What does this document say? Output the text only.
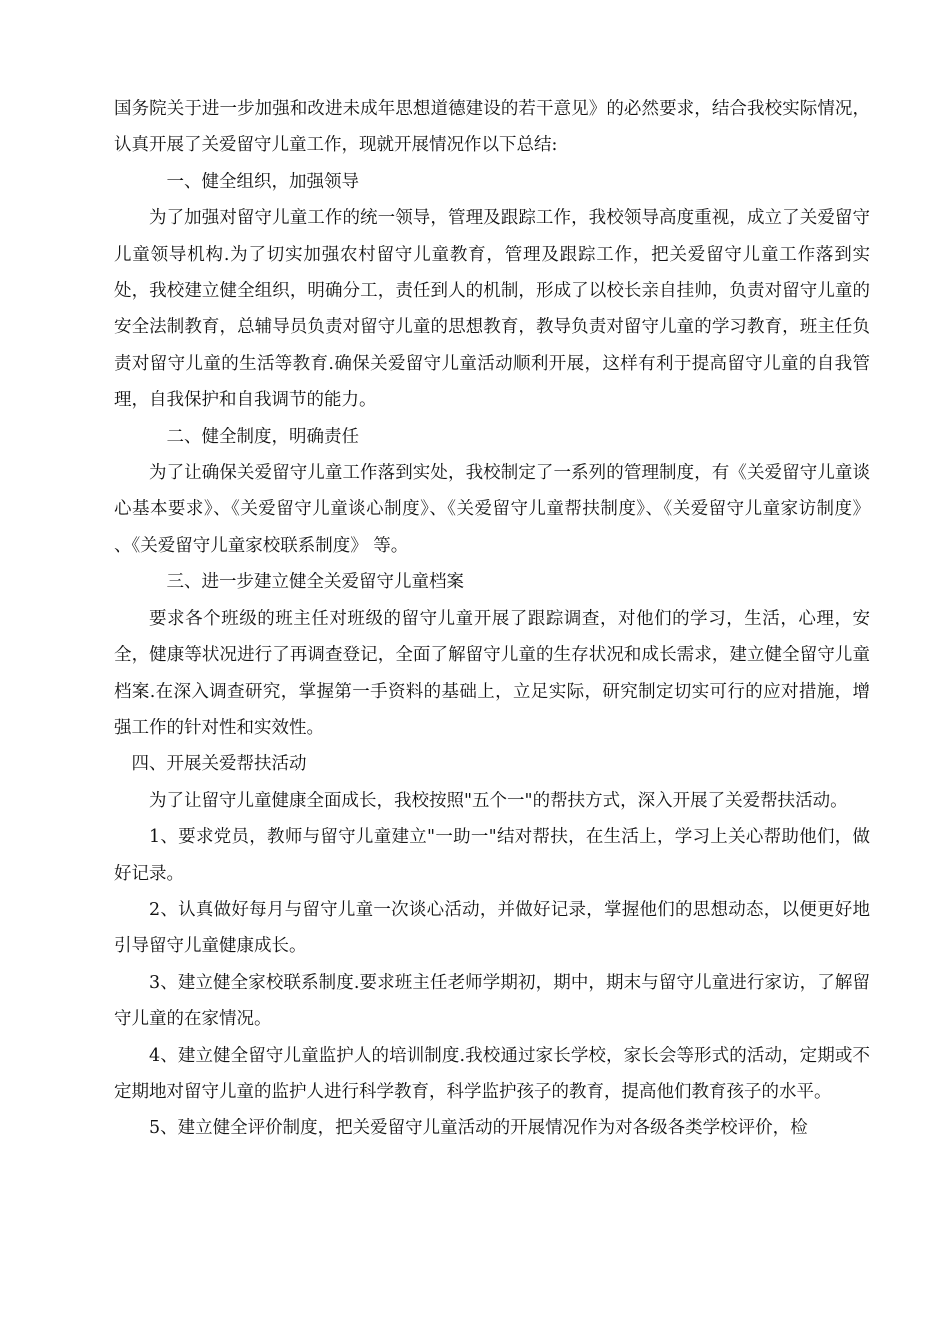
国务院关于进一步加强和改进未成年思想道德建设的若干意见》的必然要求，结合我校实际情况，认真开展了关爱留守儿童工作，现就开展情况作以下总结:

一、健全组织，加强领导

为了加强对留守儿童工作的统一领导，管理及跟踪工作，我校领导高度重视，成立了关爱留守儿童领导机构.为了切实加强农村留守儿童教育，管理及跟踪工作，把关爱留守儿童工作落到实处，我校建立健全组织，明确分工，责任到人的机制，形成了以校长亲自挂帅，负责对留守儿童的安全法制教育，总辅导员负责对留守儿童的思想教育，教导负责对留守儿童的学习教育，班主任负责对留守儿童的生活等教育.确保关爱留守儿童活动顺利开展，这样有利于提高留守儿童的自我管理，自我保护和自我调节的能力。

二、健全制度，明确责任

为了让确保关爱留守儿童工作落到实处，我校制定了一系列的管理制度，有《关爱留守儿童谈心基本要求》、《关爱留守儿童谈心制度》、《关爱留守儿童帮扶制度》、《关爱留守儿童家访制度》 、《关爱留守儿童家校联系制度》 等。

三、进一步建立健全关爱留守儿童档案

要求各个班级的班主任对班级的留守儿童开展了跟踪调查，对他们的学习，生活，心理，安全，健康等状况进行了再调查登记，全面了解留守儿童的生存状况和成长需求，建立健全留守儿童档案.在深入调查研究，掌握第一手资料的基础上，立足实际，研究制定切实可行的应对措施，增强工作的针对性和实效性。

四、开展关爱帮扶活动

为了让留守儿童健康全面成长，我校按照"五个一"的帮扶方式，深入开展了关爱帮扶活动。

1、要求党员，教师与留守儿童建立"一助一"结对帮扶，在生活上，学习上关心帮助他们，做好记录。

2、认真做好每月与留守儿童一次谈心活动，并做好记录，掌握他们的思想动态，以便更好地引导留守儿童健康成长。

3、建立健全家校联系制度.要求班主任老师学期初，期中，期末与留守儿童进行家访，了解留守儿童的在家情况。

4、建立健全留守儿童监护人的培训制度.我校通过家长学校，家长会等形式的活动，定期或不定期地对留守儿童的监护人进行科学教育，科学监护孩子的教育，提高他们教育孩子的水平。

5、建立健全评价制度，把关爱留守儿童活动的开展情况作为对各级各类学校评价，检
